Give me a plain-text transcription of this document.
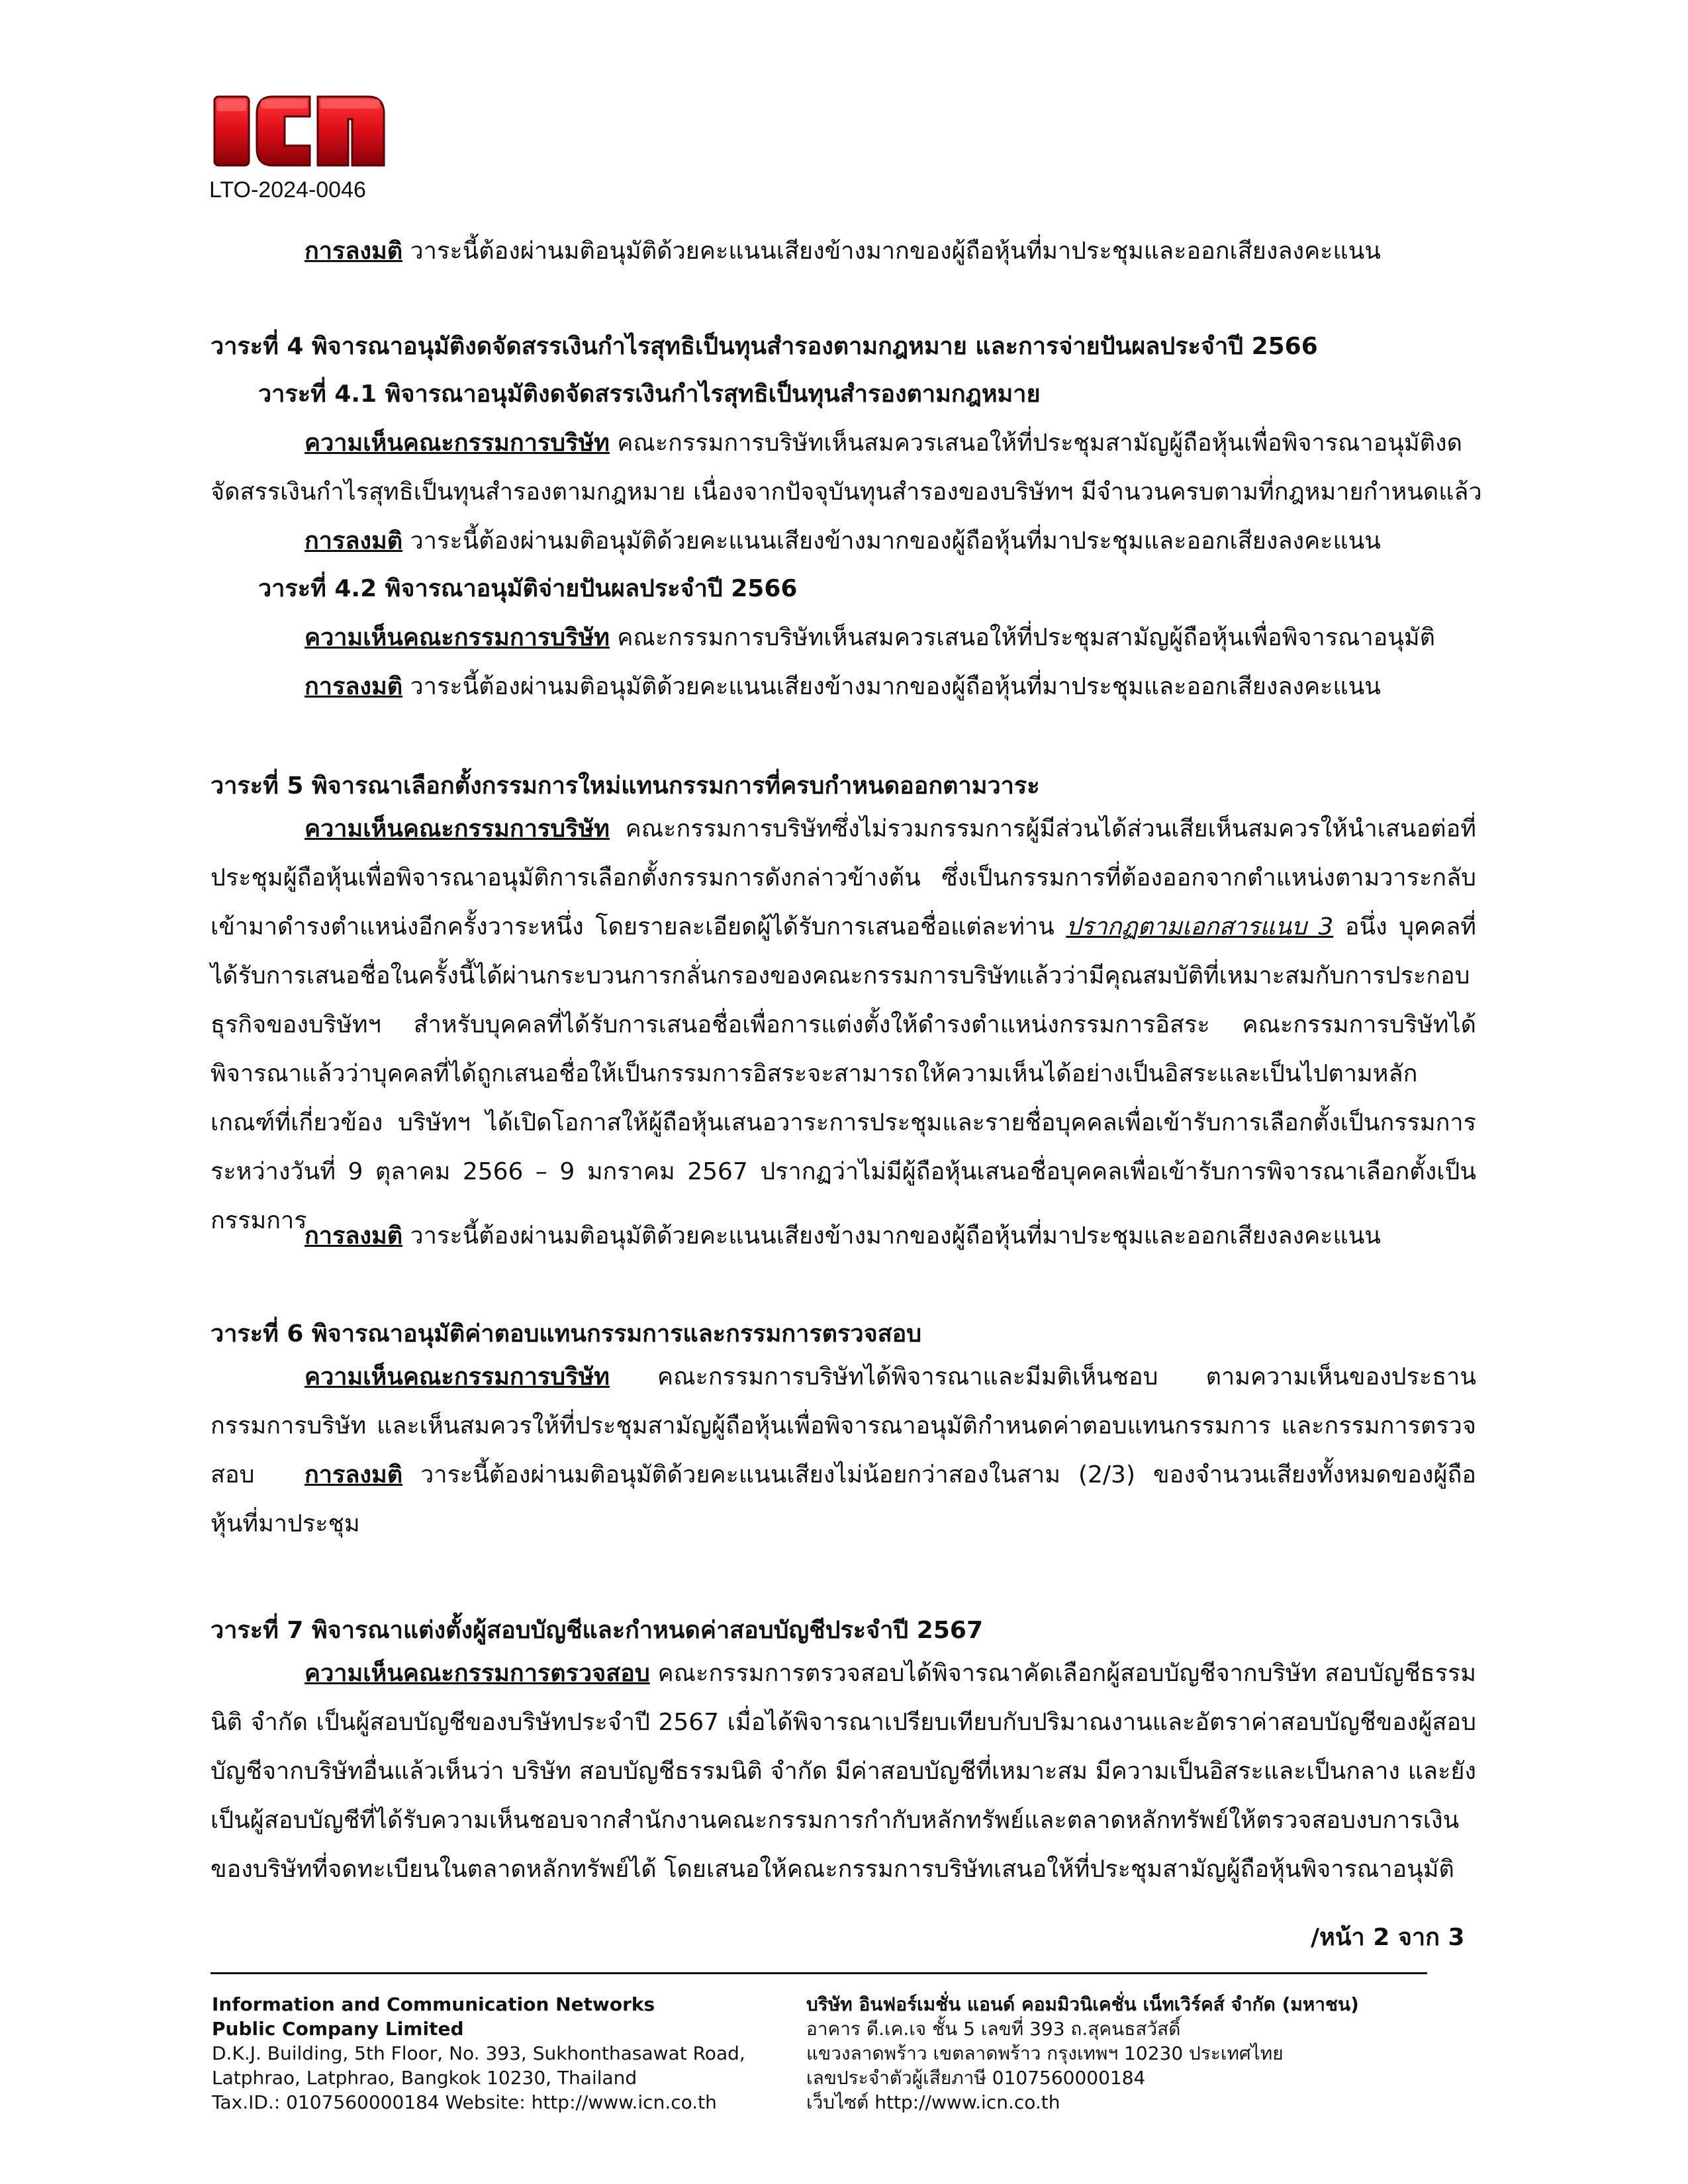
LTO-2024-0046
การลงมติ วาระนี้ต้องผ่านมติอนุมัติด้วยคะแนนเสียงข้างมากของผู้ถือหุ้นที่มาประชุมและออกเสียงลงคะแนน
วาระที่ 4 พิจารณาอนุมัติงดจัดสรรเงินกำไรสุทธิเป็นทุนสำรองตามกฎหมาย และการจ่ายปันผลประจำปี 2566
วาระที่ 4.1 พิจารณาอนุมัติงดจัดสรรเงินกำไรสุทธิเป็นทุนสำรองตามกฎหมาย
ความเห็นคณะกรรมการบริษัท คณะกรรมการบริษัทเห็นสมควรเสนอให้ที่ประชุมสามัญผู้ถือหุ้นเพื่อพิจารณาอนุมัติงด
จัดสรรเงินกำไรสุทธิเป็นทุนสำรองตามกฎหมาย เนื่องจากปัจจุบันทุนสำรองของบริษัทฯ มีจำนวนครบตามที่กฎหมายกำหนดแล้ว
การลงมติ วาระนี้ต้องผ่านมติอนุมัติด้วยคะแนนเสียงข้างมากของผู้ถือหุ้นที่มาประชุมและออกเสียงลงคะแนน
วาระที่ 4.2 พิจารณาอนุมัติจ่ายปันผลประจำปี 2566
ความเห็นคณะกรรมการบริษัท คณะกรรมการบริษัทเห็นสมควรเสนอให้ที่ประชุมสามัญผู้ถือหุ้นเพื่อพิจารณาอนุมัติ
การลงมติ วาระนี้ต้องผ่านมติอนุมัติด้วยคะแนนเสียงข้างมากของผู้ถือหุ้นที่มาประชุมและออกเสียงลงคะแนน
วาระที่ 5 พิจารณาเลือกตั้งกรรมการใหม่แทนกรรมการที่ครบกำหนดออกตามวาระ

ความเห็นคณะกรรมการบริษัท คณะกรรมการบริษัทซึ่งไม่รวมกรรมการผู้มีส่วนได้ส่วนเสียเห็นสมควรให้นำเสนอต่อที่ประชุมผู้ถือหุ้นเพื่อพิจารณาอนุมัติการเลือกตั้งกรรมการดังกล่าวข้างต้น ซึ่งเป็นกรรมการที่ต้องออกจากตำแหน่งตามวาระกลับเข้ามาดำรงตำแหน่งอีกครั้งวาระหนึ่ง โดยรายละเอียดผู้ได้รับการเสนอชื่อแต่ละท่าน ปรากฏตามเอกสารแนบ 3 อนึ่ง บุคคลที่ได้รับการเสนอชื่อในครั้งนี้ได้ผ่านกระบวนการกลั่นกรองของคณะกรรมการบริษัทแล้วว่ามีคุณสมบัติที่เหมาะสมกับการประกอบธุรกิจของบริษัทฯ สำหรับบุคคลที่ได้รับการเสนอชื่อเพื่อการแต่งตั้งให้ดำรงตำแหน่งกรรมการอิสระ คณะกรรมการบริษัทได้พิจารณาแล้วว่าบุคคลที่ได้ถูกเสนอชื่อให้เป็นกรรมการอิสระจะสามารถให้ความเห็นได้อย่างเป็นอิสระและเป็นไปตามหลักเกณฑ์ที่เกี่ยวข้อง บริษัทฯ ได้เปิดโอกาสให้ผู้ถือหุ้นเสนอวาระการประชุมและรายชื่อบุคคลเพื่อเข้ารับการเลือกตั้งเป็นกรรมการระหว่างวันที่ 9 ตุลาคม 2566 – 9 มกราคม 2567 ปรากฏว่าไม่มีผู้ถือหุ้นเสนอชื่อบุคคลเพื่อเข้ารับการพิจารณาเลือกตั้งเป็นกรรมการ

การลงมติ วาระนี้ต้องผ่านมติอนุมัติด้วยคะแนนเสียงข้างมากของผู้ถือหุ้นที่มาประชุมและออกเสียงลงคะแนน
วาระที่ 6 พิจารณาอนุมัติค่าตอบแทนกรรมการและกรรมการตรวจสอบ

ความเห็นคณะกรรมการบริษัท คณะกรรมการบริษัทได้พิจารณาและมีมติเห็นชอบ ตามความเห็นของประธานกรรมการบริษัท และเห็นสมควรให้ที่ประชุมสามัญผู้ถือหุ้นเพื่อพิจารณาอนุมัติกำหนดค่าตอบแทนกรรมการ และกรรมการตรวจสอบ	การลงมติ วาระนี้ต้องผ่านมติอนุมัติด้วยคะแนนเสียงไม่น้อยกว่าสองในสาม (2/3) ของจำนวนเสียงทั้งหมดของผู้ถือหุ้นที่มาประชุม

วาระที่ 7 พิจารณาแต่งตั้งผู้สอบบัญชีและกำหนดค่าสอบบัญชีประจำปี 2567

ความเห็นคณะกรรมการตรวจสอบ คณะกรรมการตรวจสอบได้พิจารณาคัดเลือกผู้สอบบัญชีจากบริษัท สอบบัญชีธรรมนิติ จำกัด เป็นผู้สอบบัญชีของบริษัทประจำปี 2567 เมื่อได้พิจารณาเปรียบเทียบกับปริมาณงานและอัตราค่าสอบบัญชีของผู้สอบบัญชีจากบริษัทอื่นแล้วเห็นว่า บริษัท สอบบัญชีธรรมนิติ จำกัด มีค่าสอบบัญชีที่เหมาะสม มีความเป็นอิสระและเป็นกลาง และยังเป็นผู้สอบบัญชีที่ได้รับความเห็นชอบจากสำนักงานคณะกรรมการกำกับหลักทรัพย์และตลาดหลักทรัพย์ให้ตรวจสอบงบการเงินของบริษัทที่จดทะเบียนในตลาดหลักทรัพย์ได้ โดยเสนอให้คณะกรรมการบริษัทเสนอให้ที่ประชุมสามัญผู้ถือหุ้นพิจารณาอนุมัติ

/หน้า 2 จาก 3
Information and Communication Networks
Public Company Limited
D.K.J. Building, 5th Floor, No. 393, Sukhonthasawat Road,
Latphrao, Latphrao, Bangkok 10230, Thailand
Tax.ID.: 0107560000184 Website: http://www.icn.co.th
บริษัท อินฟอร์เมชั่น แอนด์ คอมมิวนิเคชั่น เน็ทเวิร์คส์ จำกัด (มหาชน)
อาคาร ดี.เค.เจ ชั้น 5 เลขที่ 393 ถ.สุคนธสวัสดิ์
แขวงลาดพร้าว เขตลาดพร้าว กรุงเทพฯ 10230 ประเทศไทย
เลขประจำตัวผู้เสียภาษี 0107560000184
เว็บไซต์ http://www.icn.co.th
